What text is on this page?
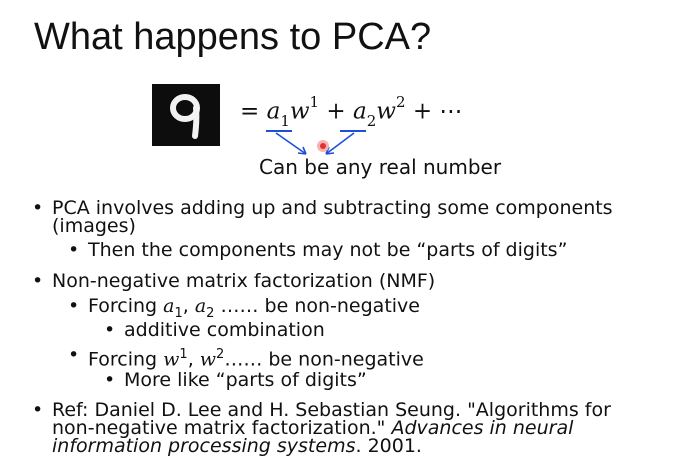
What happens to PCA?
= $a_1w^1 + a_2w^2$ + ⋯
Can be any real number
• PCA involves adding up and subtracting some components
(images)
• Then the components may not be “parts of digits”
• Non-negative matrix factorization (NMF)
• Forcing $a_1$, $a_2$ …… be non-negative
• additive combination
• Forcing $w^1$, $w^2\dots\dots$ be non-negative
• More like “parts of digits”
• Ref: Daniel D. Lee and H. Sebastian Seung. "Algorithms for
non-negative matrix factorization." Advances in neural
information processing systems. 2001.
